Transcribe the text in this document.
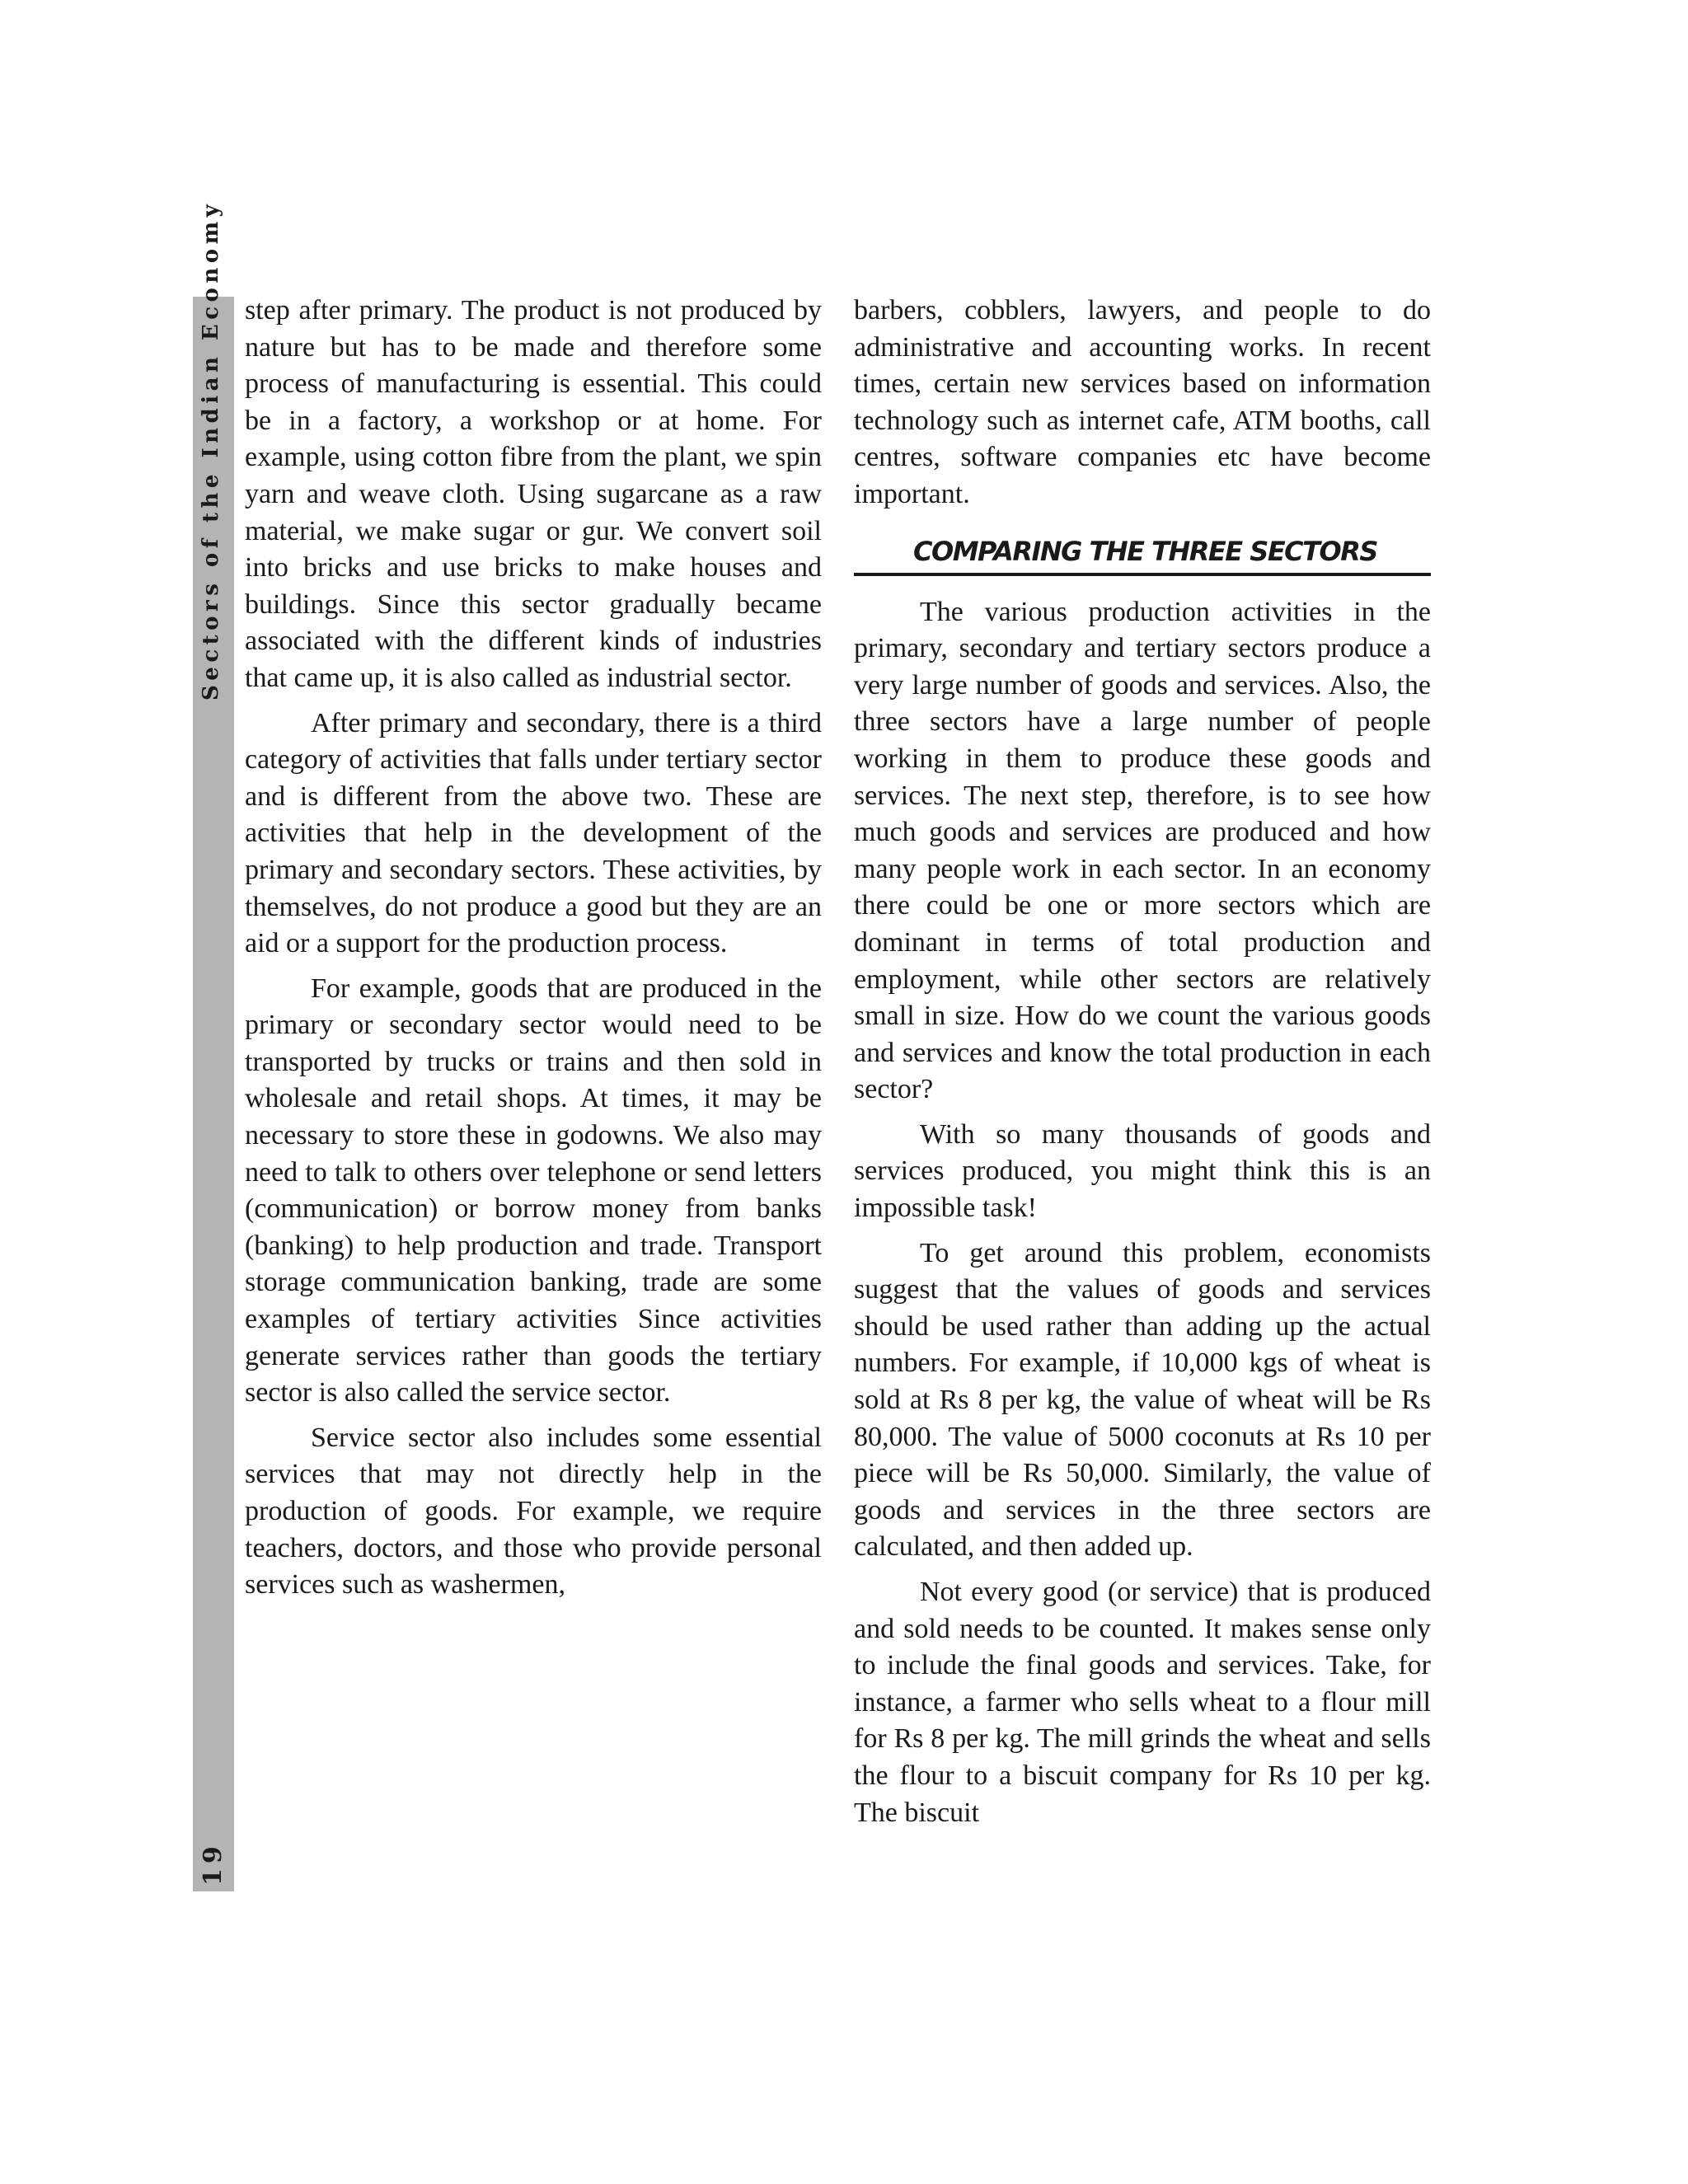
Sectors of the Indian Economy
19

step after primary. The product is not produced by nature but has to be made and therefore some process of manufacturing is essential. This could be in a factory, a workshop or at home. For example, using cotton fibre from the plant, we spin yarn and weave cloth. Using sugarcane as a raw material, we make sugar or gur. We convert soil into bricks and use bricks to make houses and buildings. Since this sector gradually became associated with the different kinds of industries that came up, it is also called as industrial sector.

After primary and secondary, there is a third category of activities that falls under tertiary sector and is different from the above two. These are activities that help in the development of the primary and secondary sectors. These activities, by themselves, do not produce a good but they are an aid or a support for the production process.

For example, goods that are produced in the primary or secondary sector would need to be transported by trucks or trains and then sold in wholesale and retail shops. At times, it may be necessary to store these in godowns. We also may need to talk to others over telephone or send letters (communication) or borrow money from banks (banking) to help production and trade. Transport storage communication banking, trade are some examples of tertiary activities Since activities generate services rather than goods the tertiary sector is also called the service sector.

Service sector also includes some essential services that may not directly help in the production of goods. For example, we require teachers, doctors, and those who provide personal services such as washermen,

barbers, cobblers, lawyers, and people to do administrative and accounting works. In recent times, certain new services based on information technology such as internet cafe, ATM booths, call centres, software companies etc have become important.

COMPARING THE THREE SECTORS

The various production activities in the primary, secondary and tertiary sectors produce a very large number of goods and services. Also, the three sectors have a large number of people working in them to produce these goods and services. The next step, therefore, is to see how much goods and services are produced and how many people work in each sector. In an economy there could be one or more sectors which are dominant in terms of total production and employment, while other sectors are relatively small in size. How do we count the various goods and services and know the total production in each sector?

With so many thousands of goods and services produced, you might think this is an impossible task!

To get around this problem, economists suggest that the values of goods and services should be used rather than adding up the actual numbers. For example, if 10,000 kgs of wheat is sold at Rs 8 per kg, the value of wheat will be Rs 80,000. The value of 5000 coconuts at Rs 10 per piece will be Rs 50,000. Similarly, the value of goods and services in the three sectors are calculated, and then added up.

Not every good (or service) that is produced and sold needs to be counted. It makes sense only to include the final goods and services. Take, for instance, a farmer who sells wheat to a flour mill for Rs 8 per kg. The mill grinds the wheat and sells the flour to a biscuit company for Rs 10 per kg. The biscuit
